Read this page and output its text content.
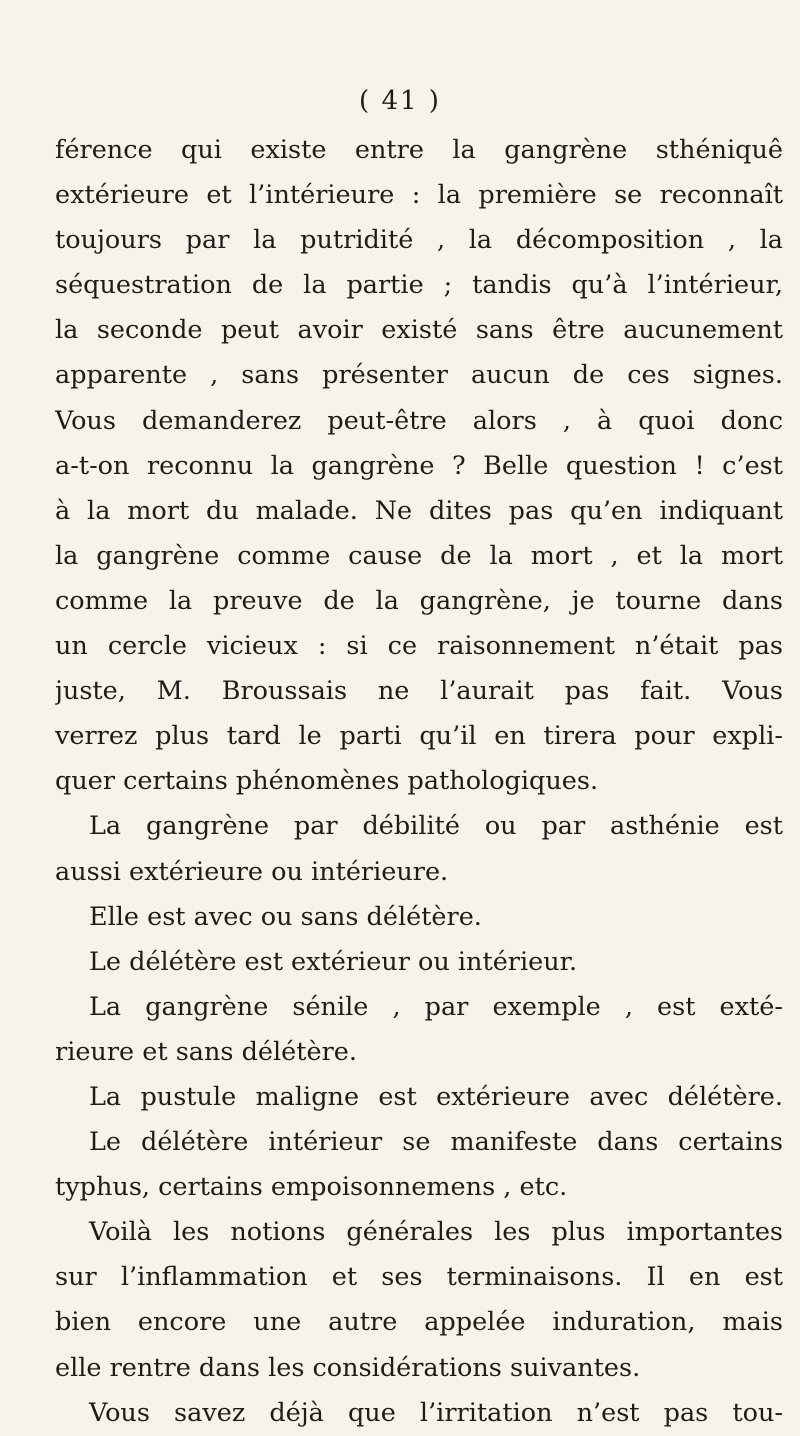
( 41 )
férence qui existe entre la gangrène sthéniquê
extérieure et l’intérieure : la première se reconnaît
toujours par la putridité , la décomposition , la
séquestration de la partie ; tandis qu’à l’intérieur,
la seconde peut avoir existé sans être aucunement
apparente , sans présenter aucun de ces signes.
Vous demanderez peut-être alors , à quoi donc
a-t-on reconnu la gangrène ? Belle question ! c’est
à la mort du malade. Ne dites pas qu’en indiquant
la gangrène comme cause de la mort , et la mort
comme la preuve de la gangrène, je tourne dans
un cercle vicieux : si ce raisonnement n’était pas
juste, M. Broussais ne l’aurait pas fait. Vous
verrez plus tard le parti qu’il en tirera pour expli-
quer certains phénomènes pathologiques.
La gangrène par débilité ou par asthénie est
aussi extérieure ou intérieure.
Elle est avec ou sans délétère.
Le délétère est extérieur ou intérieur.
La gangrène sénile , par exemple , est exté-
rieure et sans délétère.
La pustule maligne est extérieure avec délétère.
Le délétère intérieur se manifeste dans certains
typhus, certains empoisonnemens , etc.
Voilà les notions générales les plus importantes
sur l’inflammation et ses terminaisons. Il en est
bien encore une autre appelée induration, mais
elle rentre dans les considérations suivantes.
Vous savez déjà que l’irritation n’est pas tou-
